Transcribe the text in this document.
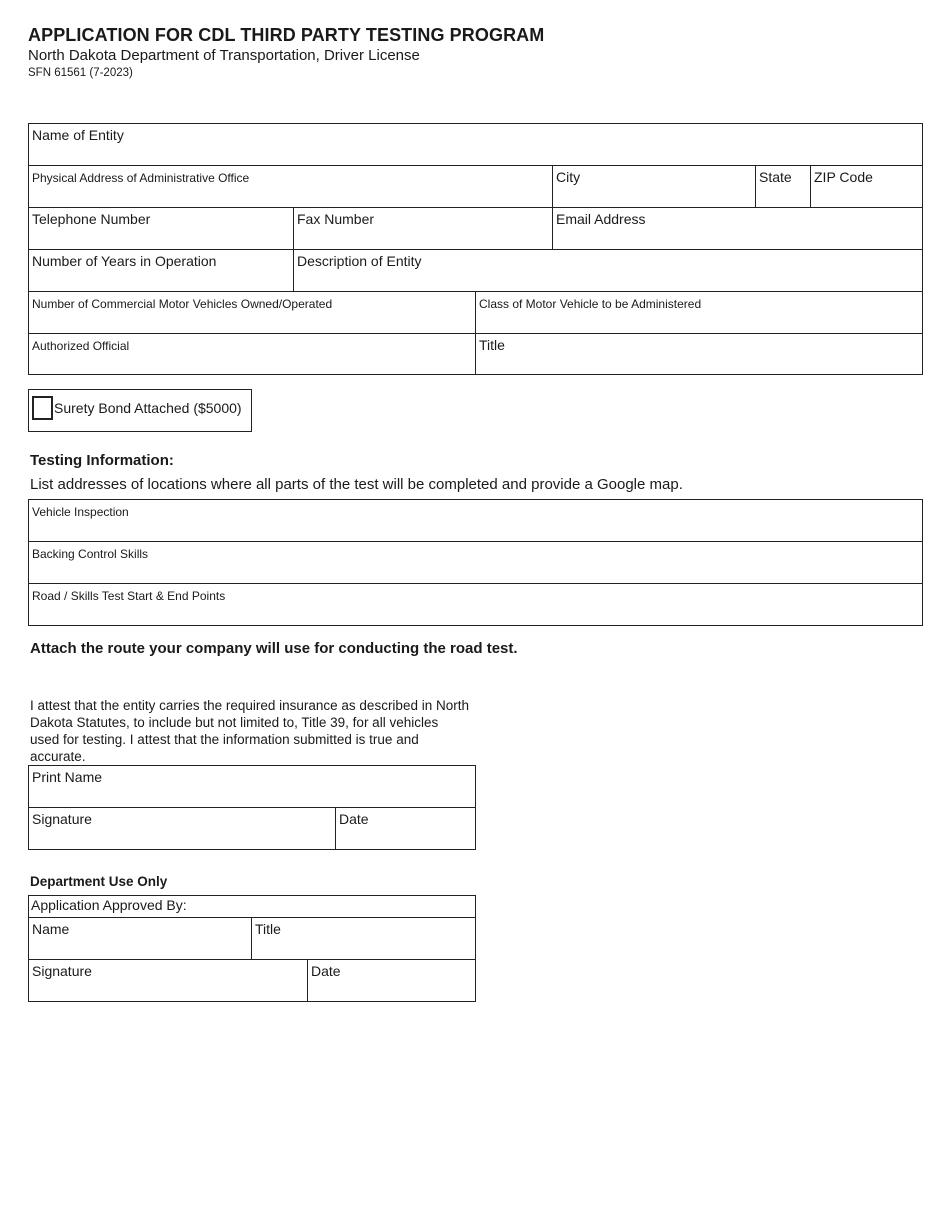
APPLICATION FOR CDL THIRD PARTY TESTING PROGRAM
North Dakota Department of Transportation, Driver License
SFN 61561 (7-2023)
Name of Entity
Physical Address of Administrative Office	City	State ZIP Code
Telephone Number	Fax Number	Email Address
Number of Years in Operation	Description of Entity
Number of Commercial Motor Vehicles Owned/Operated	Class of Motor Vehicle to be Administered
Authorized Official	Title
Surety Bond Attached ($5000)
Testing Information:
List addresses of locations where all parts of the test will be completed and provide a Google map.
Vehicle Inspection
Backing Control Skills
Road / Skills Test Start & End Points
Attach the route your company will use for conducting the road test.
I attest that the entity carries the required insurance as described in North Dakota Statutes, to include but not limited to, Title 39, for all vehicles used for testing. I attest that the information submitted is true and accurate.
Print Name
Signature	Date
Department Use Only
Application Approved By:
Name	Title
Signature	Date
